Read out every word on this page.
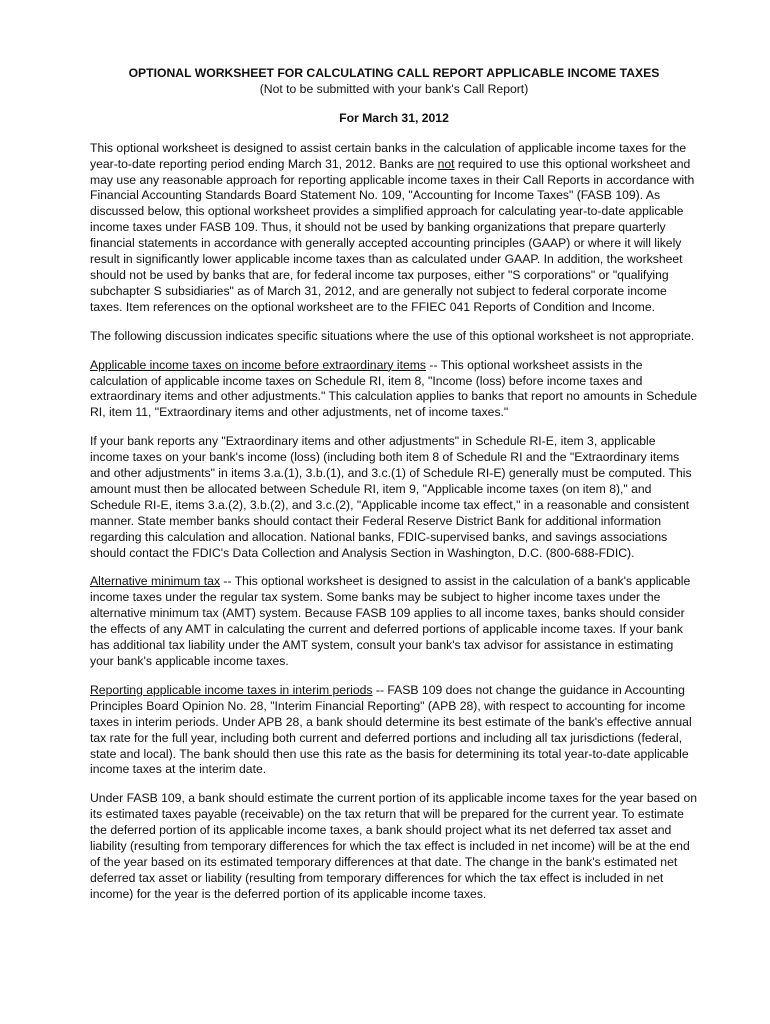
OPTIONAL WORKSHEET FOR CALCULATING CALL REPORT APPLICABLE INCOME TAXES

(Not to be submitted with your bank's Call Report)

For March 31, 2012

This optional worksheet is designed to assist certain banks in the calculation of applicable income taxes for the year-to-date reporting period ending March 31, 2012. Banks are not required to use this optional worksheet and may use any reasonable approach for reporting applicable income taxes in their Call Reports in accordance with Financial Accounting Standards Board Statement No. 109, "Accounting for Income Taxes" (FASB 109). As discussed below, this optional worksheet provides a simplified approach for calculating year-to-date applicable income taxes under FASB 109. Thus, it should not be used by banking organizations that prepare quarterly financial statements in accordance with generally accepted accounting principles (GAAP) or where it will likely result in significantly lower applicable income taxes than as calculated under GAAP. In addition, the worksheet should not be used by banks that are, for federal income tax purposes, either "S corporations" or "qualifying subchapter S subsidiaries" as of March 31, 2012, and are generally not subject to federal corporate income taxes. Item references on the optional worksheet are to the FFIEC 041 Reports of Condition and Income.

The following discussion indicates specific situations where the use of this optional worksheet is not appropriate.

Applicable income taxes on income before extraordinary items -- This optional worksheet assists in the calculation of applicable income taxes on Schedule RI, item 8, "Income (loss) before income taxes and extraordinary items and other adjustments." This calculation applies to banks that report no amounts in Schedule RI, item 11, "Extraordinary items and other adjustments, net of income taxes."

If your bank reports any "Extraordinary items and other adjustments" in Schedule RI-E, item 3, applicable income taxes on your bank's income (loss) (including both item 8 of Schedule RI and the "Extraordinary items and other adjustments" in items 3.a.(1), 3.b.(1), and 3.c.(1) of Schedule RI-E) generally must be computed. This amount must then be allocated between Schedule RI, item 9, "Applicable income taxes (on item 8)," and Schedule RI-E, items 3.a.(2), 3.b.(2), and 3.c.(2), "Applicable income tax effect," in a reasonable and consistent manner. State member banks should contact their Federal Reserve District Bank for additional information regarding this calculation and allocation. National banks, FDIC-supervised banks, and savings associations should contact the FDIC's Data Collection and Analysis Section in Washington, D.C. (800-688-FDIC).

Alternative minimum tax -- This optional worksheet is designed to assist in the calculation of a bank's applicable income taxes under the regular tax system. Some banks may be subject to higher income taxes under the alternative minimum tax (AMT) system. Because FASB 109 applies to all income taxes, banks should consider the effects of any AMT in calculating the current and deferred portions of applicable income taxes. If your bank has additional tax liability under the AMT system, consult your bank's tax advisor for assistance in estimating your bank's applicable income taxes.

Reporting applicable income taxes in interim periods -- FASB 109 does not change the guidance in Accounting Principles Board Opinion No. 28, "Interim Financial Reporting" (APB 28), with respect to accounting for income taxes in interim periods. Under APB 28, a bank should determine its best estimate of the bank's effective annual tax rate for the full year, including both current and deferred portions and including all tax jurisdictions (federal, state and local). The bank should then use this rate as the basis for determining its total year-to-date applicable income taxes at the interim date.

Under FASB 109, a bank should estimate the current portion of its applicable income taxes for the year based on its estimated taxes payable (receivable) on the tax return that will be prepared for the current year. To estimate the deferred portion of its applicable income taxes, a bank should project what its net deferred tax asset and liability (resulting from temporary differences for which the tax effect is included in net income) will be at the end of the year based on its estimated temporary differences at that date. The change in the bank's estimated net deferred tax asset or liability (resulting from temporary differences for which the tax effect is included in net income) for the year is the deferred portion of its applicable income taxes.
